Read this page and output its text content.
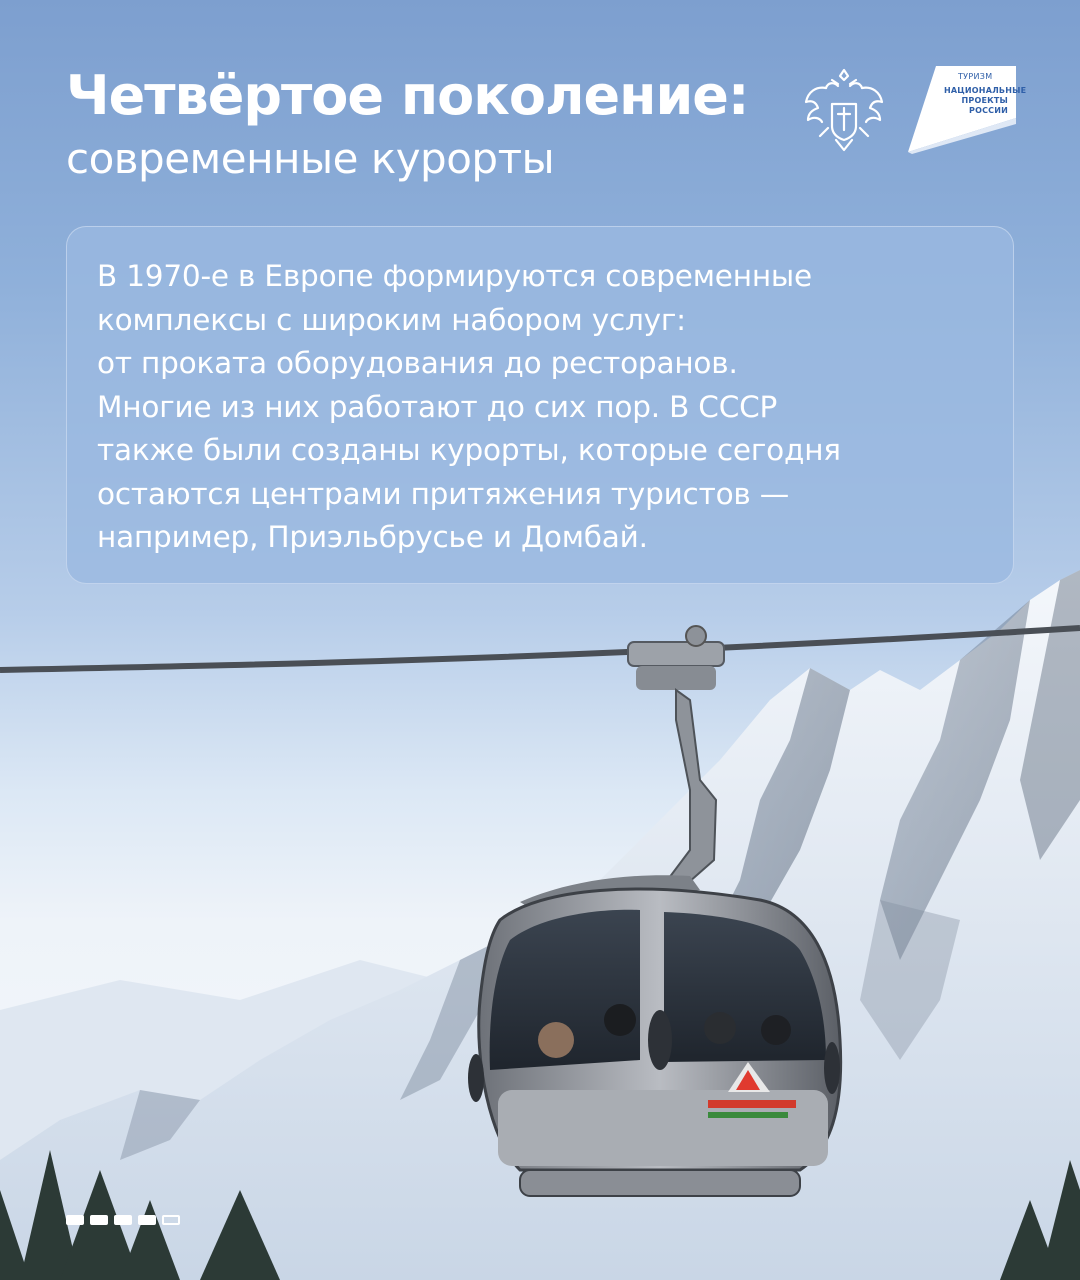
Четвёртое поколение:

современные курорты

ТУРИЗМ
НАЦИОНАЛЬНЫЕ
ПРОЕКТЫ
РОССИИ
В 1970-е в Европе формируются современные
комплексы с широким набором услуг:
от проката оборудования до ресторанов.
Многие из них работают до сих пор. В СССР
также были созданы курорты, которые сегодня
остаются центрами притяжения туристов —
например, Приэльбрусье и Домбай.
